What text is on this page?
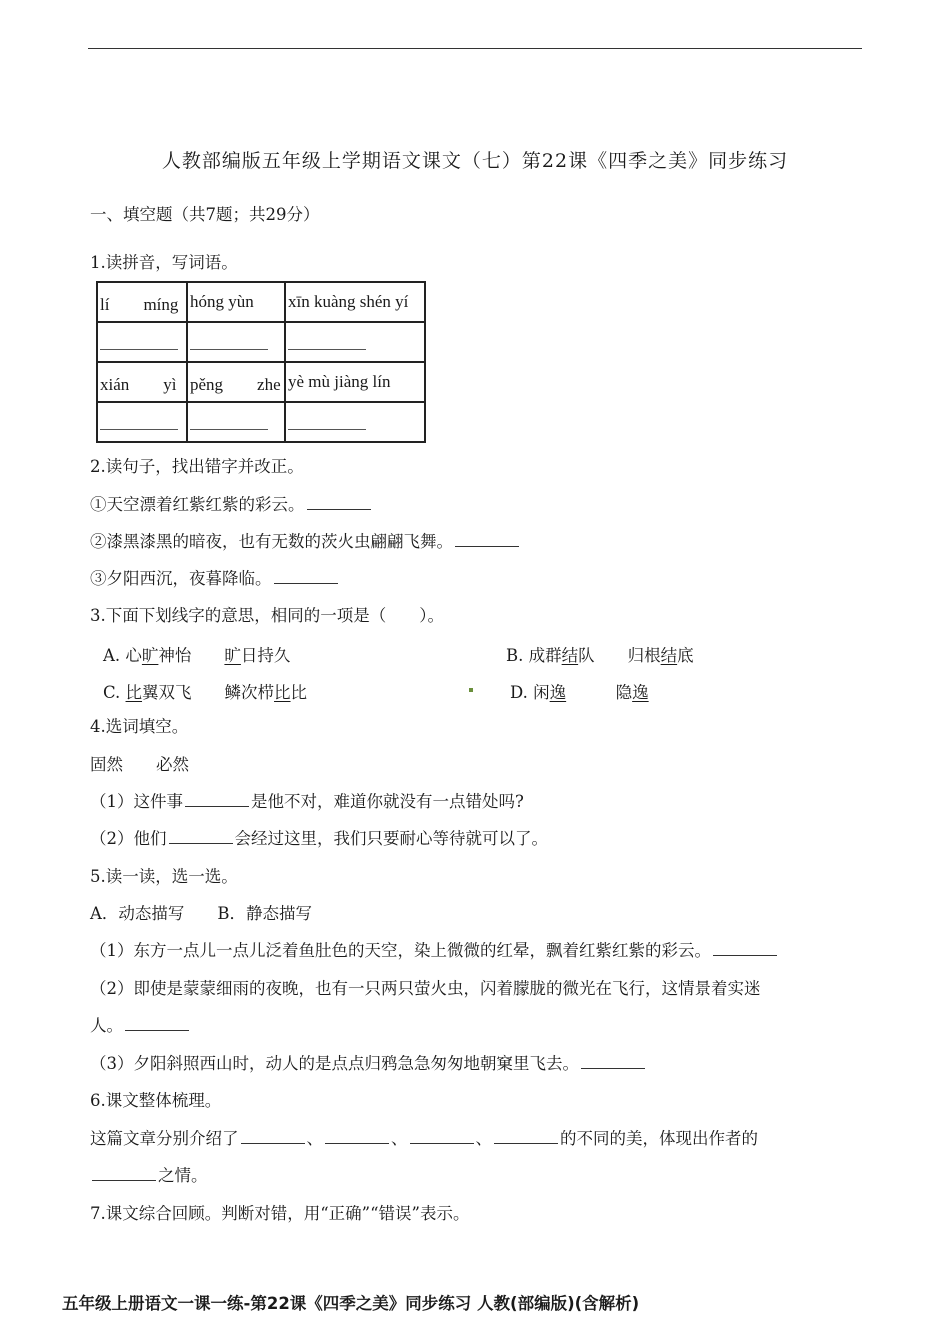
人教部编版五年级上学期语文课文（七）第22课《四季之美》同步练习
一、填空题（共7题；共29分）
1.读拼音，写词语。
lí　　míng	hóng yùn	xīn kuàng shén yí

xián　　yì	pěng　　zhe	yè mù jiàng lín

2.读句子，找出错字并改正。
①天空漂着红紫红紫的彩云。
②漆黑漆黑的暗夜，也有无数的茨火虫翩翩飞舞。
③夕阳西沉，夜暮降临。
3.下面下划线字的意思，相同的一项是（　　）。
A. 心旷神怡　　旷日持久	B. 成群结队　　归根结底
C. 比翼双飞　　鳞次栉比比	D. 闲逸　　　隐逸
4.选词填空。
固然　　必然
（1）这件事	是他不对，难道你就没有一点错处吗?
（2）他们	会经过这里，我们只要耐心等待就可以了。
5.读一读，选一选。
A．动态描写　　B．静态描写
（1）东方一点儿一点儿泛着鱼肚色的天空，染上微微的红晕，飘着红紫红紫的彩云。
（2）即使是蒙蒙细雨的夜晚，也有一只两只萤火虫，闪着朦胧的微光在飞行，这情景着实迷
人。
（3）夕阳斜照西山时，动人的是点点归鸦急急匆匆地朝窠里飞去。
6.课文整体梳理。
这篇文章分别介绍了	、	、	、	的不同的美，体现出作者的
之情。
7.课文综合回顾。判断对错，用“正确”“错误”表示。
五年级上册语文一课一练-第22课《四季之美》同步练习 人教(部编版)(含解析)
